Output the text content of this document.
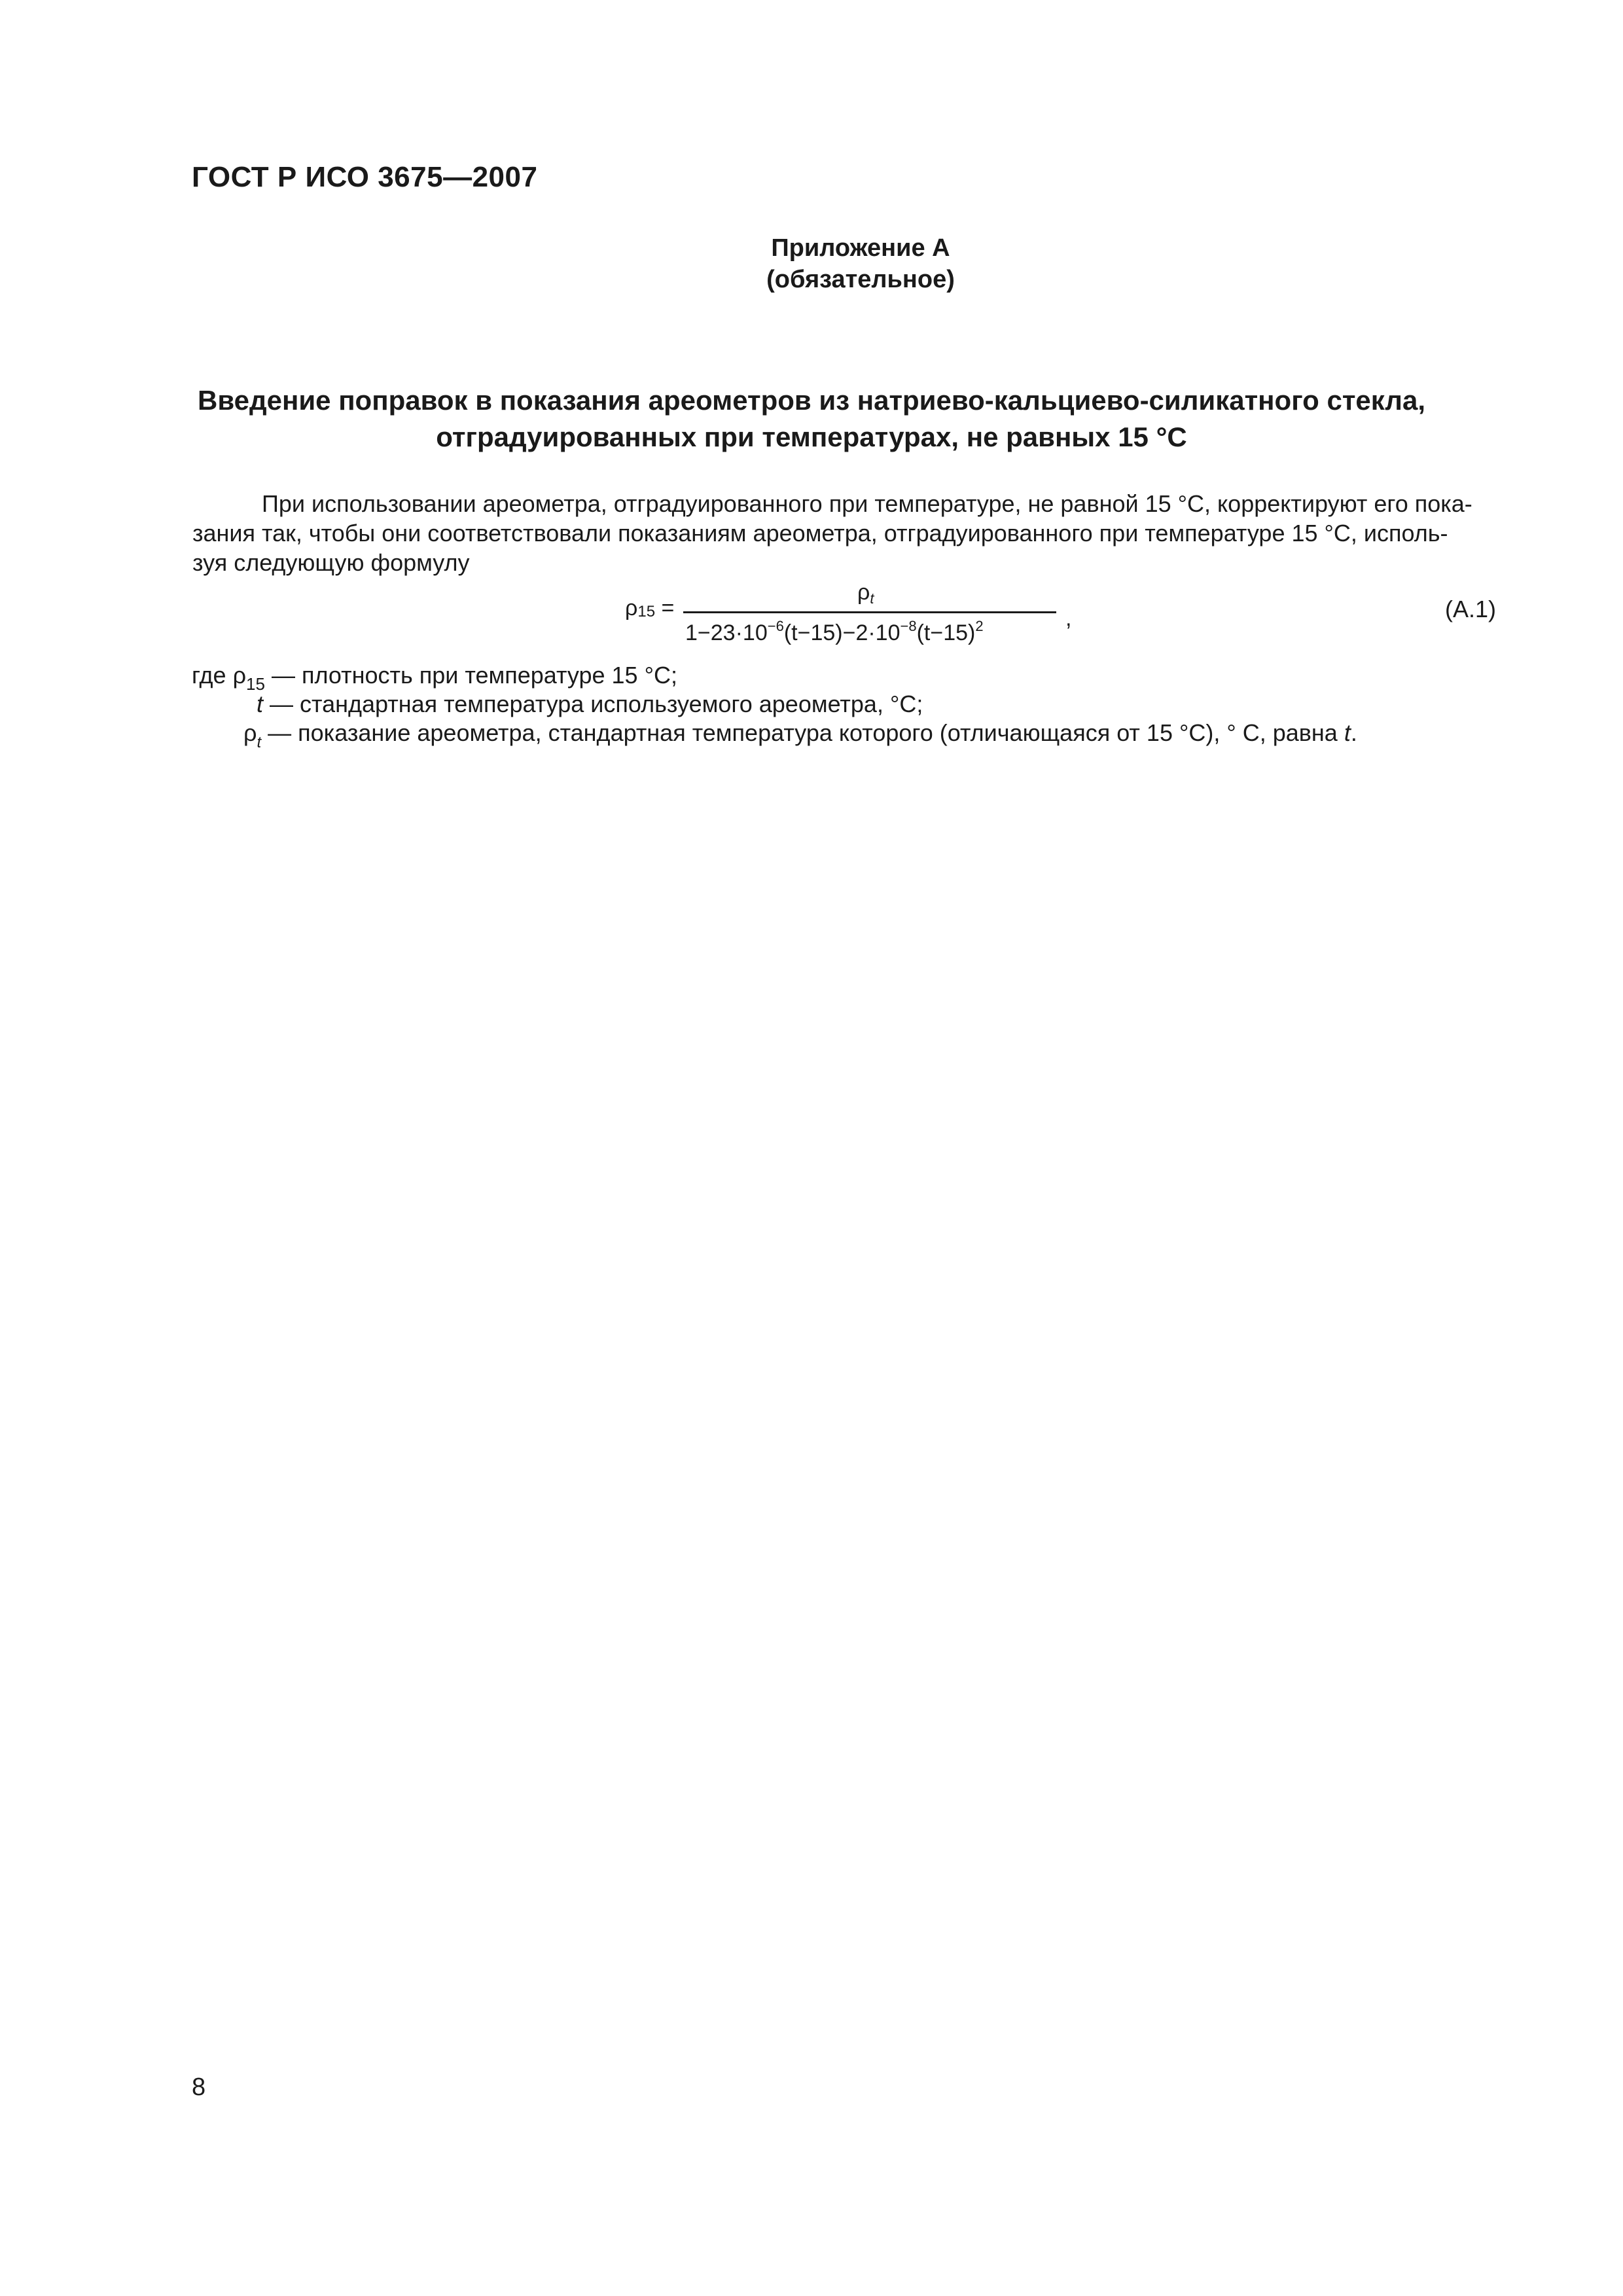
ГОСТ Р ИСО 3675—2007
Приложение А
(обязательное)
Введение поправок в показания ареометров из натриево-кальциево-силикатного стекла,
отградуированных при температурах, не равных 15 °C
При использовании ареометра, отградуированного при температуре, не равной 15 °C, корректируют его пока-
зания так, чтобы они соответствовали показаниям ареометра, отградуированного при температуре 15 °C, исполь-
зуя следующую формулу
$\rho_{15}$ =
$\rho_t$
$1-23\cdot 10^{-6}(t-15)-2\cdot 10^{-8}(t-15)^2$	,	(А.1)
где $\rho_{15}$ — плотность при температуре 15 °C;
t — стандартная температура используемого ареометра, °C;
$\rho_t$ — показание ареометра, стандартная температура которого (отличающаяся от 15 °C), ° C, равна t.
8
